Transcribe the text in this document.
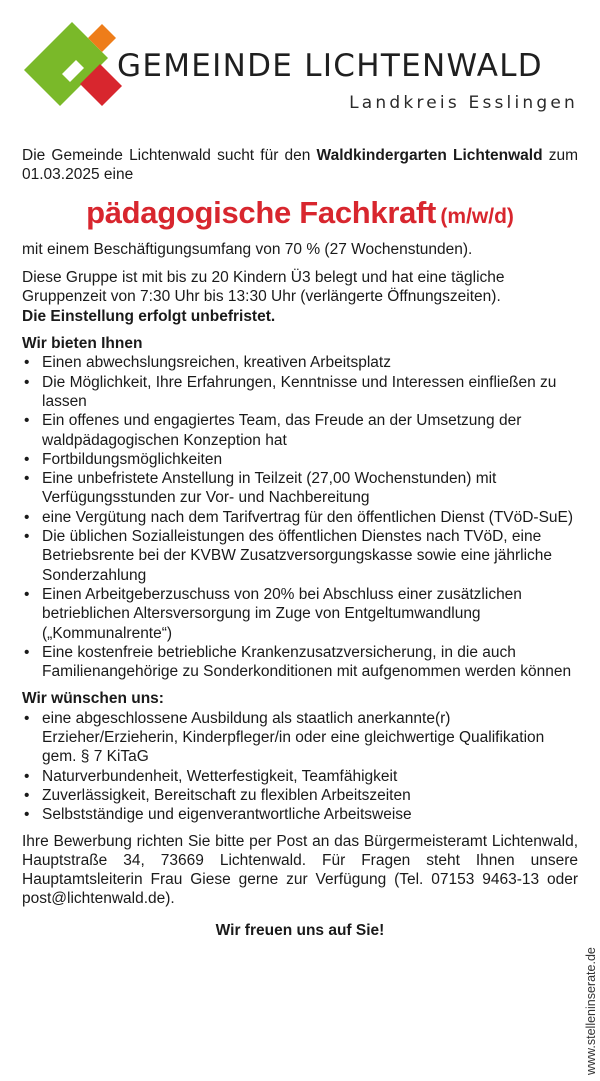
GEMEINDE LICHTENWALD
Landkreis Esslingen

Die Gemeinde Lichtenwald sucht für den Waldkindergarten Lichtenwald zum 01.03.2025 eine

pädagogische Fachkraft (m/w/d)

mit einem Beschäftigungsumfang von 70 % (27 Wochenstunden).

Diese Gruppe ist mit bis zu 20 Kindern Ü3 belegt und hat eine tägliche Gruppenzeit von 7:30 Uhr bis 13:30 Uhr (verlängerte Öffnungszeiten).

Die Einstellung erfolgt unbefristet.

Wir bieten Ihnen
• Einen abwechslungsreichen, kreativen Arbeitsplatz
• Die Möglichkeit, Ihre Erfahrungen, Kenntnisse und Interessen einfließen zu lassen
• Ein offenes und engagiertes Team, das Freude an der Umsetzung der waldpädagogischen Konzeption hat
• Fortbildungsmöglichkeiten
• Eine unbefristete Anstellung in Teilzeit (27,00 Wochenstunden) mit Verfügungsstunden zur Vor- und Nachbereitung
• eine Vergütung nach dem Tarifvertrag für den öffentlichen Dienst (TVöD-SuE)
• Die üblichen Sozialleistungen des öffentlichen Dienstes nach TVöD, eine Betriebsrente bei der KVBW Zusatzversorgungskasse sowie eine jährliche Sonderzahlung
• Einen Arbeitgeberzuschuss von 20% bei Abschluss einer zusätzlichen betrieblichen Altersversorgung im Zuge von Entgeltumwandlung („Kommunalrente“)
• Eine kostenfreie betriebliche Krankenzusatzversicherung, in die auch Familienangehörige zu Sonderkonditionen mit aufgenommen werden können
Wir wünschen uns:
• eine abgeschlossene Ausbildung als staatlich anerkannte(r) Erzieher/Erzieherin, Kinderpfleger/in oder eine gleichwertige Qualifikation gem. § 7 KiTaG
• Naturverbundenheit, Wetterfestigkeit, Teamfähigkeit
• Zuverlässigkeit, Bereitschaft zu flexiblen Arbeitszeiten
• Selbstständige und eigenverantwortliche Arbeitsweise

Ihre Bewerbung richten Sie bitte per Post an das Bürgermeisteramt Lichtenwald, Hauptstraße 34, 73669 Lichtenwald. Für Fragen steht Ihnen unsere Hauptamtsleiterin Frau Giese gerne zur Verfügung (Tel. 07153 9463-13 oder post@lichtenwald.de).

Wir freuen uns auf Sie!
www.stelleninserate.de
